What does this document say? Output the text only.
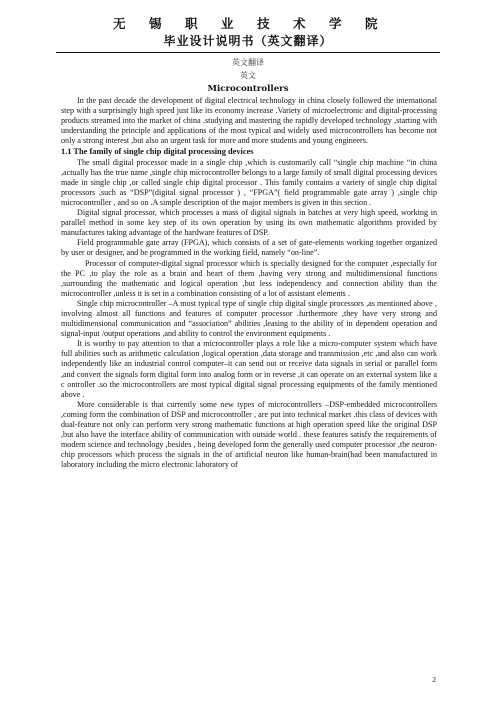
无　锡　职　业　技　术　学　院
毕业设计说明书（英文翻译）
英文翻译
英文
Microcontrollers

In the past decade the development of digital electrical technology in china closely followed the international step with a surprisingly high speed just like its economy increase .Variety of microelectronic and digital-processing products streamed into the market of china .studying and mastering the rapidly developed technology ,starting with understanding the principle and applications of the most typical and widely used microcontrollers has become not only a strong interest ,but also an urgent task for more and more students and young engineers.

1.1 The family of single chip digital processing devices

The small digital processor made in a single chip ,which is customarily call “single chip machine “in china ,actually has the true name ,single chip microcontroller belongs to a large family of small digital processing devices made in single chip ,or called single chip digital processor . This family contains a variety of single chip digital processors ,such as “DSP”(digital signal processor ) , “FPGA”( field programmable gate array ) ,single chip microcontroller , and so on .A simple description of the major members is given in this section .

Digital signal processor, which processes a mass of digital signals in batches at very high speed, working in parallel method in some key step of its own operation by using its own mathematic algorithms provided by manufactures taking advantage of the hardware features of DSP.

Field programmable gate array (FPGA), which consists of a set of gate-elements working together organized by user or designer, and be programmed in the working field, namely “on-line”.

Processor of computer-digital signal processor which is specially designed for the computer ,especially for the PC ,to play the role as a brain and heart of them ,having very strong and multidimensional functions ,surrounding the mathematic and logical operation ,but less independency and connection ability than the microcontroller ,unless it is set in a combination consisting of a lot of assistant elements .

Single chip microcontroller –A most typical type of single chip digital single processors ,as mentioned above , involving almost all functions and features of computer processor .furthermore ,they have very strong and multidimensional communication and “association” abilities ,leasing to the ability of in dependent operation and signal-input /output operations ,and ability to control the environment equipments .

It is worthy to pay attention to that a microcontroller plays a role like a micro-computer system which have full abilities such as arithmetic calculation ,logical operation ,data storage and transmission ,etc ,and also can work independently like an industrial control computer–it can send out or receive data signals in serial or parallel form ,and convert the signals form digital form into analog form or in reverse ,it can operate on an external system like a c ontroller .so the microcontrollers are most typical digital signal processing equipments of the family mentioned above .

More considerable is that currently some new types of microcontrollers –DSP-embedded microcontrollers ,coming form the combination of DSP and microcontroller , are put into technical market .this class of devices with dual-feature not only can perform very strong mathematic functions at high operation speed like the original DSP ,but also have the interface ability of communication with outside world . these features satisfy the requirements of modern science and technology ,besides , being developed form the generally used computer processor ,the neuron-chip processors which process the signals in the of artificial neuron like human-brain(had been manufactured in laboratory including the micro electronic laboratory of

2
